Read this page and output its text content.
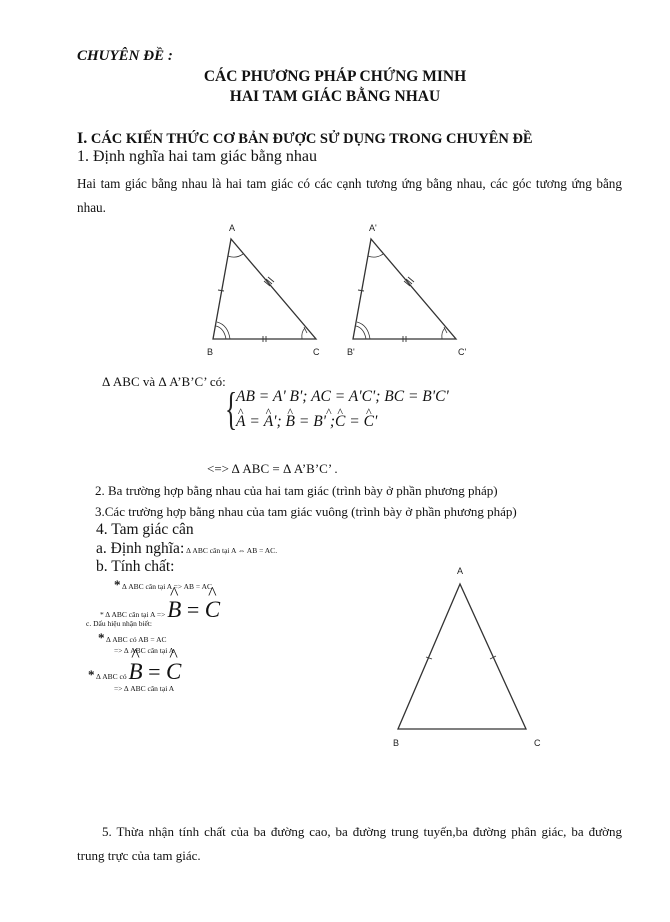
CHUYÊN ĐỀ :
CÁC PHƯƠNG PHÁP CHỨNG MINH
HAI TAM GIÁC BẰNG NHAU
I. CÁC KIẾN THỨC CƠ BẢN ĐƯỢC SỬ DỤNG TRONG CHUYÊN ĐỀ
1. Định nghĩa hai tam giác bằng nhau
Hai tam giác bằng nhau là hai tam giác có các cạnh tương ứng bằng nhau, các góc tương ứng bằng nhau.
A
B	C
A'
B'	C'
A
B	C
Δ ABC và Δ A’B’C’ có:
{
AB = A' B'; AC = A'C'; BC = B'C'
^ A = ^ A'; ^ B = B^ ' ;^ C = ^ C'
<=> Δ ABC = Δ A’B’C’ .
2. Ba trường hợp bằng nhau của hai tam giác (trình bày ở phần phương pháp)
3.Các trường hợp bằng nhau của tam giác vuông (trình bày ở phần phương pháp)
4. Tam giác cân
a. Định nghĩa: Δ ABC cân tại A ⇔ AB = AC.
b. Tính chất:
* Δ ABC cân tại A => AB = AC
* Δ ABC cân tại A => ^ B = ^ C
c. Dấu hiệu nhận biết:
* Δ ABC có AB = AC
=> Δ ABC cân tại A
* Δ ABC có ^ B = ^ C
=> Δ ABC cân tại A
5. Thừa nhận tính chất của ba đường cao, ba đường trung tuyến,ba đường phân giác, ba đường trung trực của tam giác.
